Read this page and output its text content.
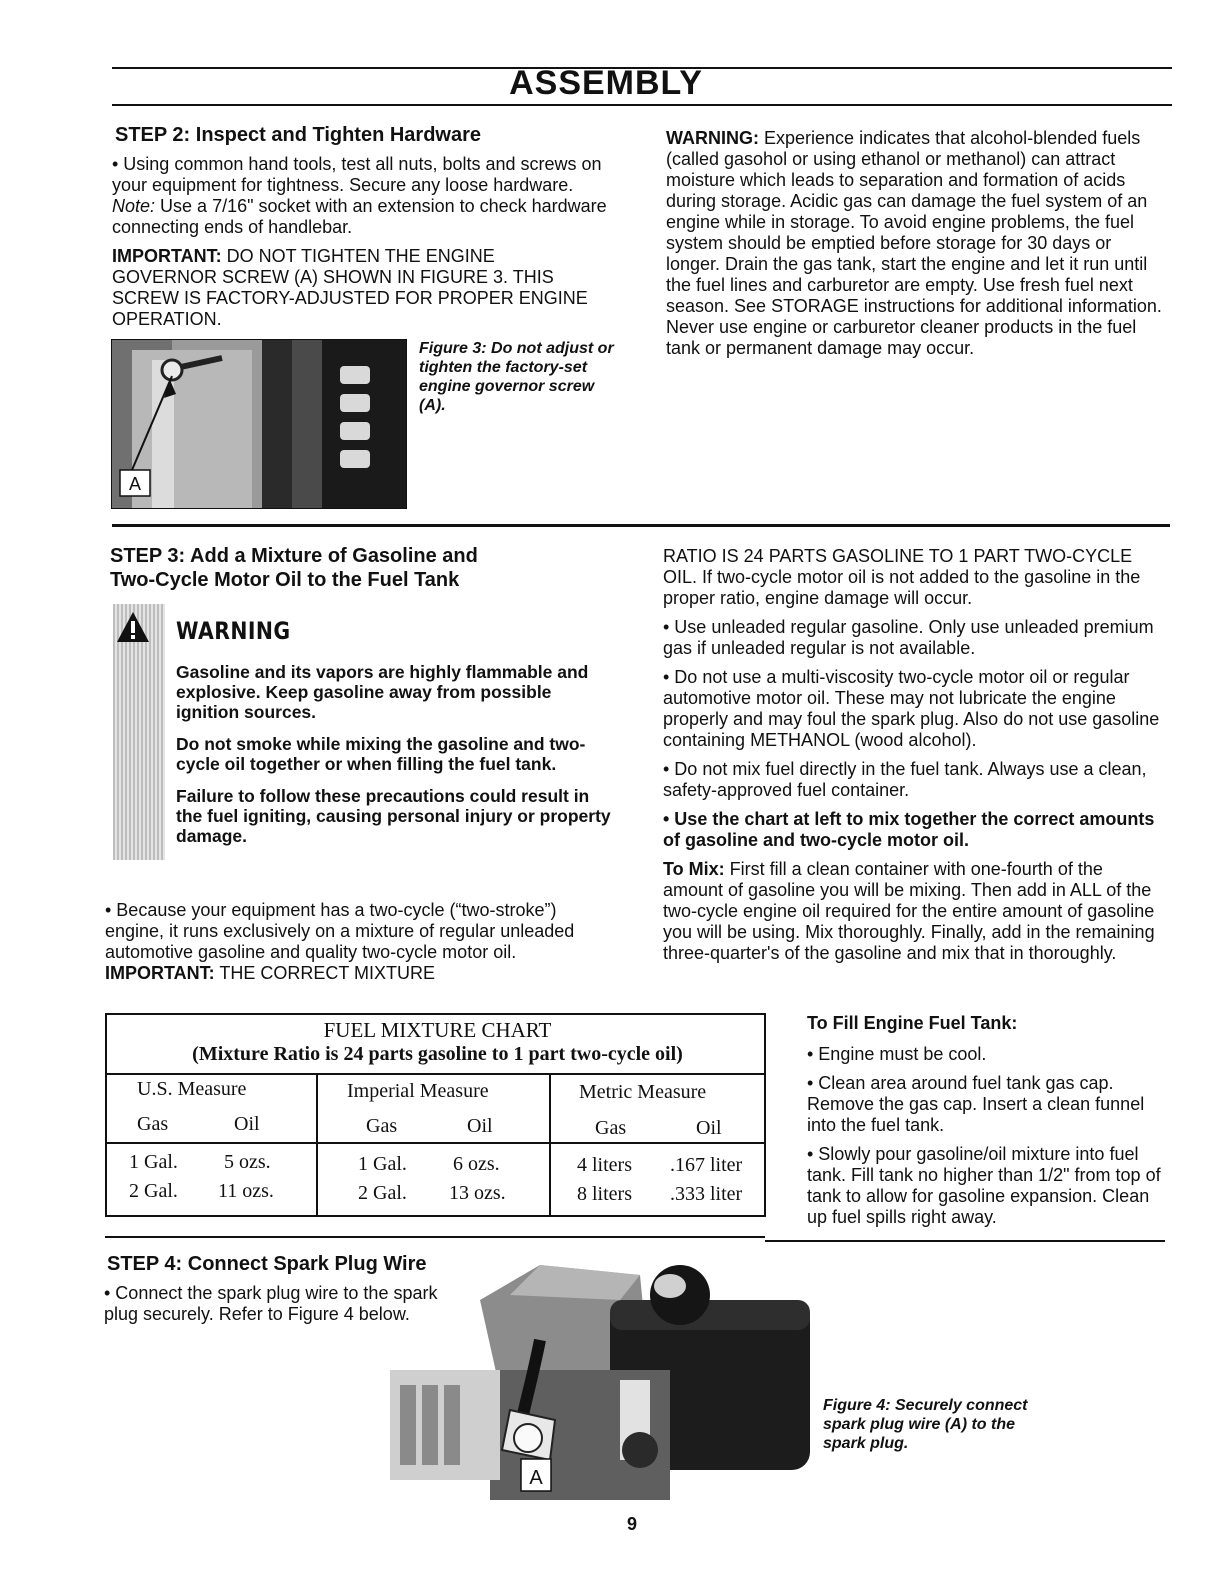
ASSEMBLY
STEP 2: Inspect and Tighten Hardware

• Using common hand tools, test all nuts, bolts and screws on your equipment for tightness. Secure any loose hardware. Note: Use a 7/16" socket with an extension to check hardware connecting ends of handlebar.

IMPORTANT: DO NOT TIGHTEN THE ENGINE GOVERNOR SCREW (A) SHOWN IN FIGURE 3. THIS SCREW IS FACTORY-ADJUSTED FOR PROPER ENGINE OPERATION.

A
Figure 3: Do not adjust or tighten the factory-set engine governor screw (A).
WARNING: Experience indicates that alcohol-blended fuels (called gasohol or using ethanol or methanol) can attract moisture which leads to separation and formation of acids during storage. Acidic gas can damage the fuel system of an engine while in storage. To avoid engine problems, the fuel system should be emptied before storage for 30 days or longer. Drain the gas tank, start the engine and let it run until the fuel lines and carburetor are empty. Use fresh fuel next season. See STORAGE instructions for additional information. Never use engine or carburetor cleaner products in the fuel tank or permanent damage may occur.
STEP 3: Add a Mixture of Gasoline and
Two-Cycle Motor Oil to the Fuel Tank
WARNING

Gasoline and its vapors are highly flammable and explosive. Keep gasoline away from possible ignition sources.

Do not smoke while mixing the gasoline and two-cycle oil together or when filling the fuel tank.

Failure to follow these precautions could result in the fuel igniting, causing personal injury or property damage.

• Because your equipment has a two-cycle (“two-stroke”) engine, it runs exclusively on a mixture of regular unleaded automotive gasoline and quality two-cycle motor oil. IMPORTANT: THE CORRECT MIXTURE

RATIO IS 24 PARTS GASOLINE TO 1 PART TWO-CYCLE OIL. If two-cycle motor oil is not added to the gasoline in the proper ratio, engine damage will occur.

• Use unleaded regular gasoline. Only use unleaded premium gas if unleaded regular is not available.

• Do not use a multi-viscosity two-cycle motor oil or regular automotive motor oil. These may not lubricate the engine properly and may foul the spark plug. Also do not use gasoline containing METHANOL (wood alcohol).

• Do not mix fuel directly in the fuel tank. Always use a clean, safety-approved fuel container.

• Use the chart at left to mix together the correct amounts of gasoline and two-cycle motor oil.

To Mix: First fill a clean container with one-fourth of the amount of gasoline you will be mixing. Then add in ALL of the two-cycle engine oil required for the entire amount of gasoline you will be using. Mix thoroughly. Finally, add in the remaining three-quarter's of the gasoline and mix that in thoroughly.

FUEL MIXTURE CHART
(Mixture Ratio is 24 parts gasoline to 1 part two-cycle oil)
U.S. Measure	Imperial Measure	Metric Measure
Gas	Oil	Gas	Oil	Gas	Oil
1 Gal. 5 ozs.	1 Gal. 6 ozs.	4 liters .167 liter
2 Gal. 11 ozs.	2 Gal. 13 ozs.	8 liters .333 liter

To Fill Engine Fuel Tank:

• Engine must be cool.

• Clean area around fuel tank gas cap. Remove the gas cap. Insert a clean funnel into the fuel tank.

• Slowly pour gasoline/oil mixture into fuel tank. Fill tank no higher than 1/2" from top of tank to allow for gasoline expansion. Clean up fuel spills right away.

STEP 4: Connect Spark Plug Wire
• Connect the spark plug wire to the spark plug securely. Refer to Figure 4 below.
A
Figure 4: Securely connect spark plug wire (A) to the spark plug.
9
